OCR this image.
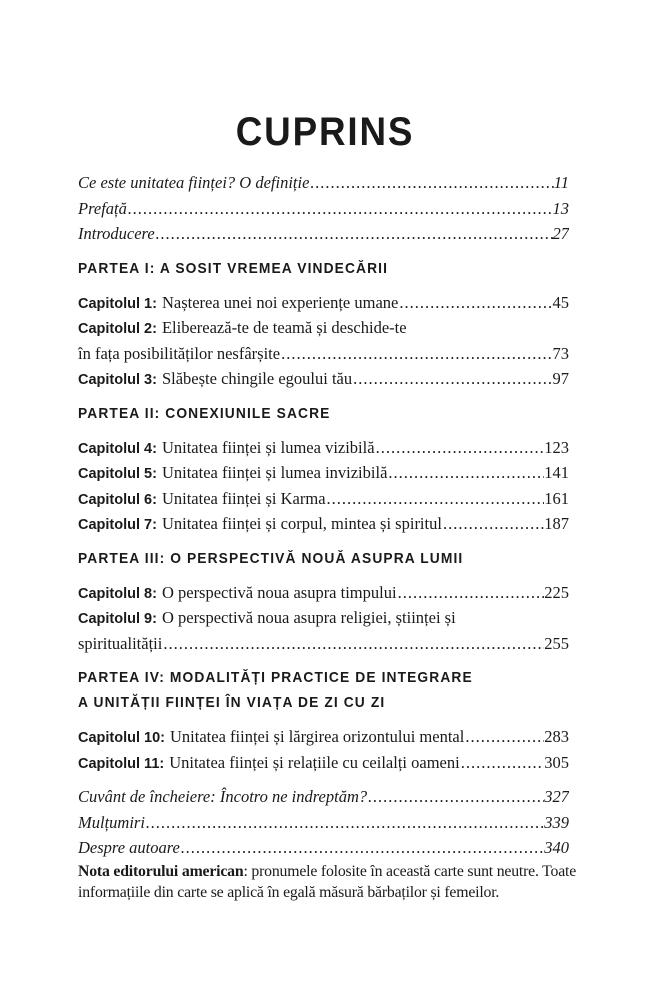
CUPRINS
Ce este unitatea ființei? O definiție .....	11
Prefață .....	13
Introducere .....	27
PARTEA I: A SOSIT VREMEA VINDECĂRII
Capitolul 1: Nașterea unei noi experiențe umane .....	45
Capitolul 2: Eliberează-te de teamă și deschide-te
în fața posibilităților nesfârșite .....	73
Capitolul 3: Slăbește chingile egoului tău .....	97
PARTEA II: CONEXIUNILE SACRE
Capitolul 4: Unitatea ființei și lumea vizibilă .....	123
Capitolul 5: Unitatea ființei și lumea invizibilă .....	141
Capitolul 6: Unitatea ființei și Karma .....	161
Capitolul 7: Unitatea ființei și corpul, mintea și spiritul .....	187
PARTEA III: O PERSPECTIVĂ NOUĂ ASUPRA LUMII
Capitolul 8: O perspectivă noua asupra timpului .....	225
Capitolul 9: O perspectivă noua asupra religiei, științei și
spiritualității .....	255
PARTEA IV: MODALITĂȚI PRACTICE DE INTEGRARE
A UNITĂȚII FIINȚEI ÎN VIAȚA DE ZI CU ZI
Capitolul 10: Unitatea ființei și lărgirea orizontului mental .....	283
Capitolul 11: Unitatea ființei și relațiile cu ceilalți oameni .....	305
Cuvânt de încheiere: Încotro ne indreptăm? .....	327
Mulțumiri .....	339
Despre autoare .....	340
Nota editorului american: pronumele folosite în această carte sunt neutre. Toate informațiile din carte se aplică în egală măsură bărbaților și femeilor.
